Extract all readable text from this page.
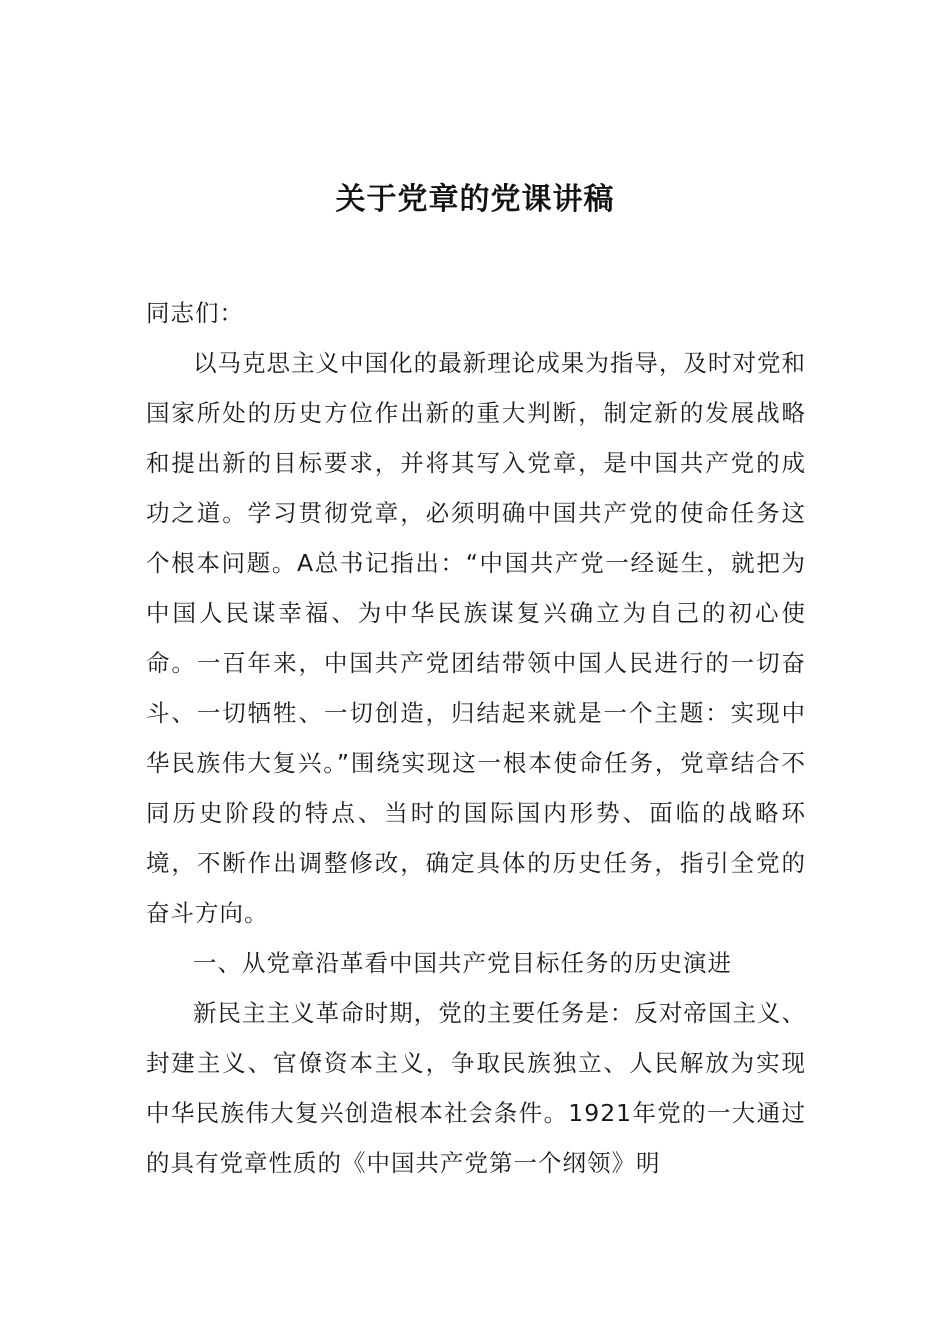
关于党章的党课讲稿

同志们：

以马克思主义中国化的最新理论成果为指导，及时对党和国家所处的历史方位作出新的重大判断，制定新的发展战略和提出新的目标要求，并将其写入党章，是中国共产党的成功之道。学习贯彻党章，必须明确中国共产党的使命任务这个根本问题。A总书记指出：“中国共产党一经诞生，就把为中国人民谋幸福、为中华民族谋复兴确立为自己的初心使命。一百年来，中国共产党团结带领中国人民进行的一切奋斗、一切牺牲、一切创造，归结起来就是一个主题：实现中华民族伟大复兴。”围绕实现这一根本使命任务，党章结合不同历史阶段的特点、当时的国际国内形势、面临的战略环境，不断作出调整修改，确定具体的历史任务，指引全党的奋斗方向。

一、从党章沿革看中国共产党目标任务的历史演进

新民主主义革命时期，党的主要任务是：反对帝国主义、封建主义、官僚资本主义，争取民族独立、人民解放为实现中华民族伟大复兴创造根本社会条件。1921年党的一大通过的具有党章性质的《中国共产党第一个纲领》明
